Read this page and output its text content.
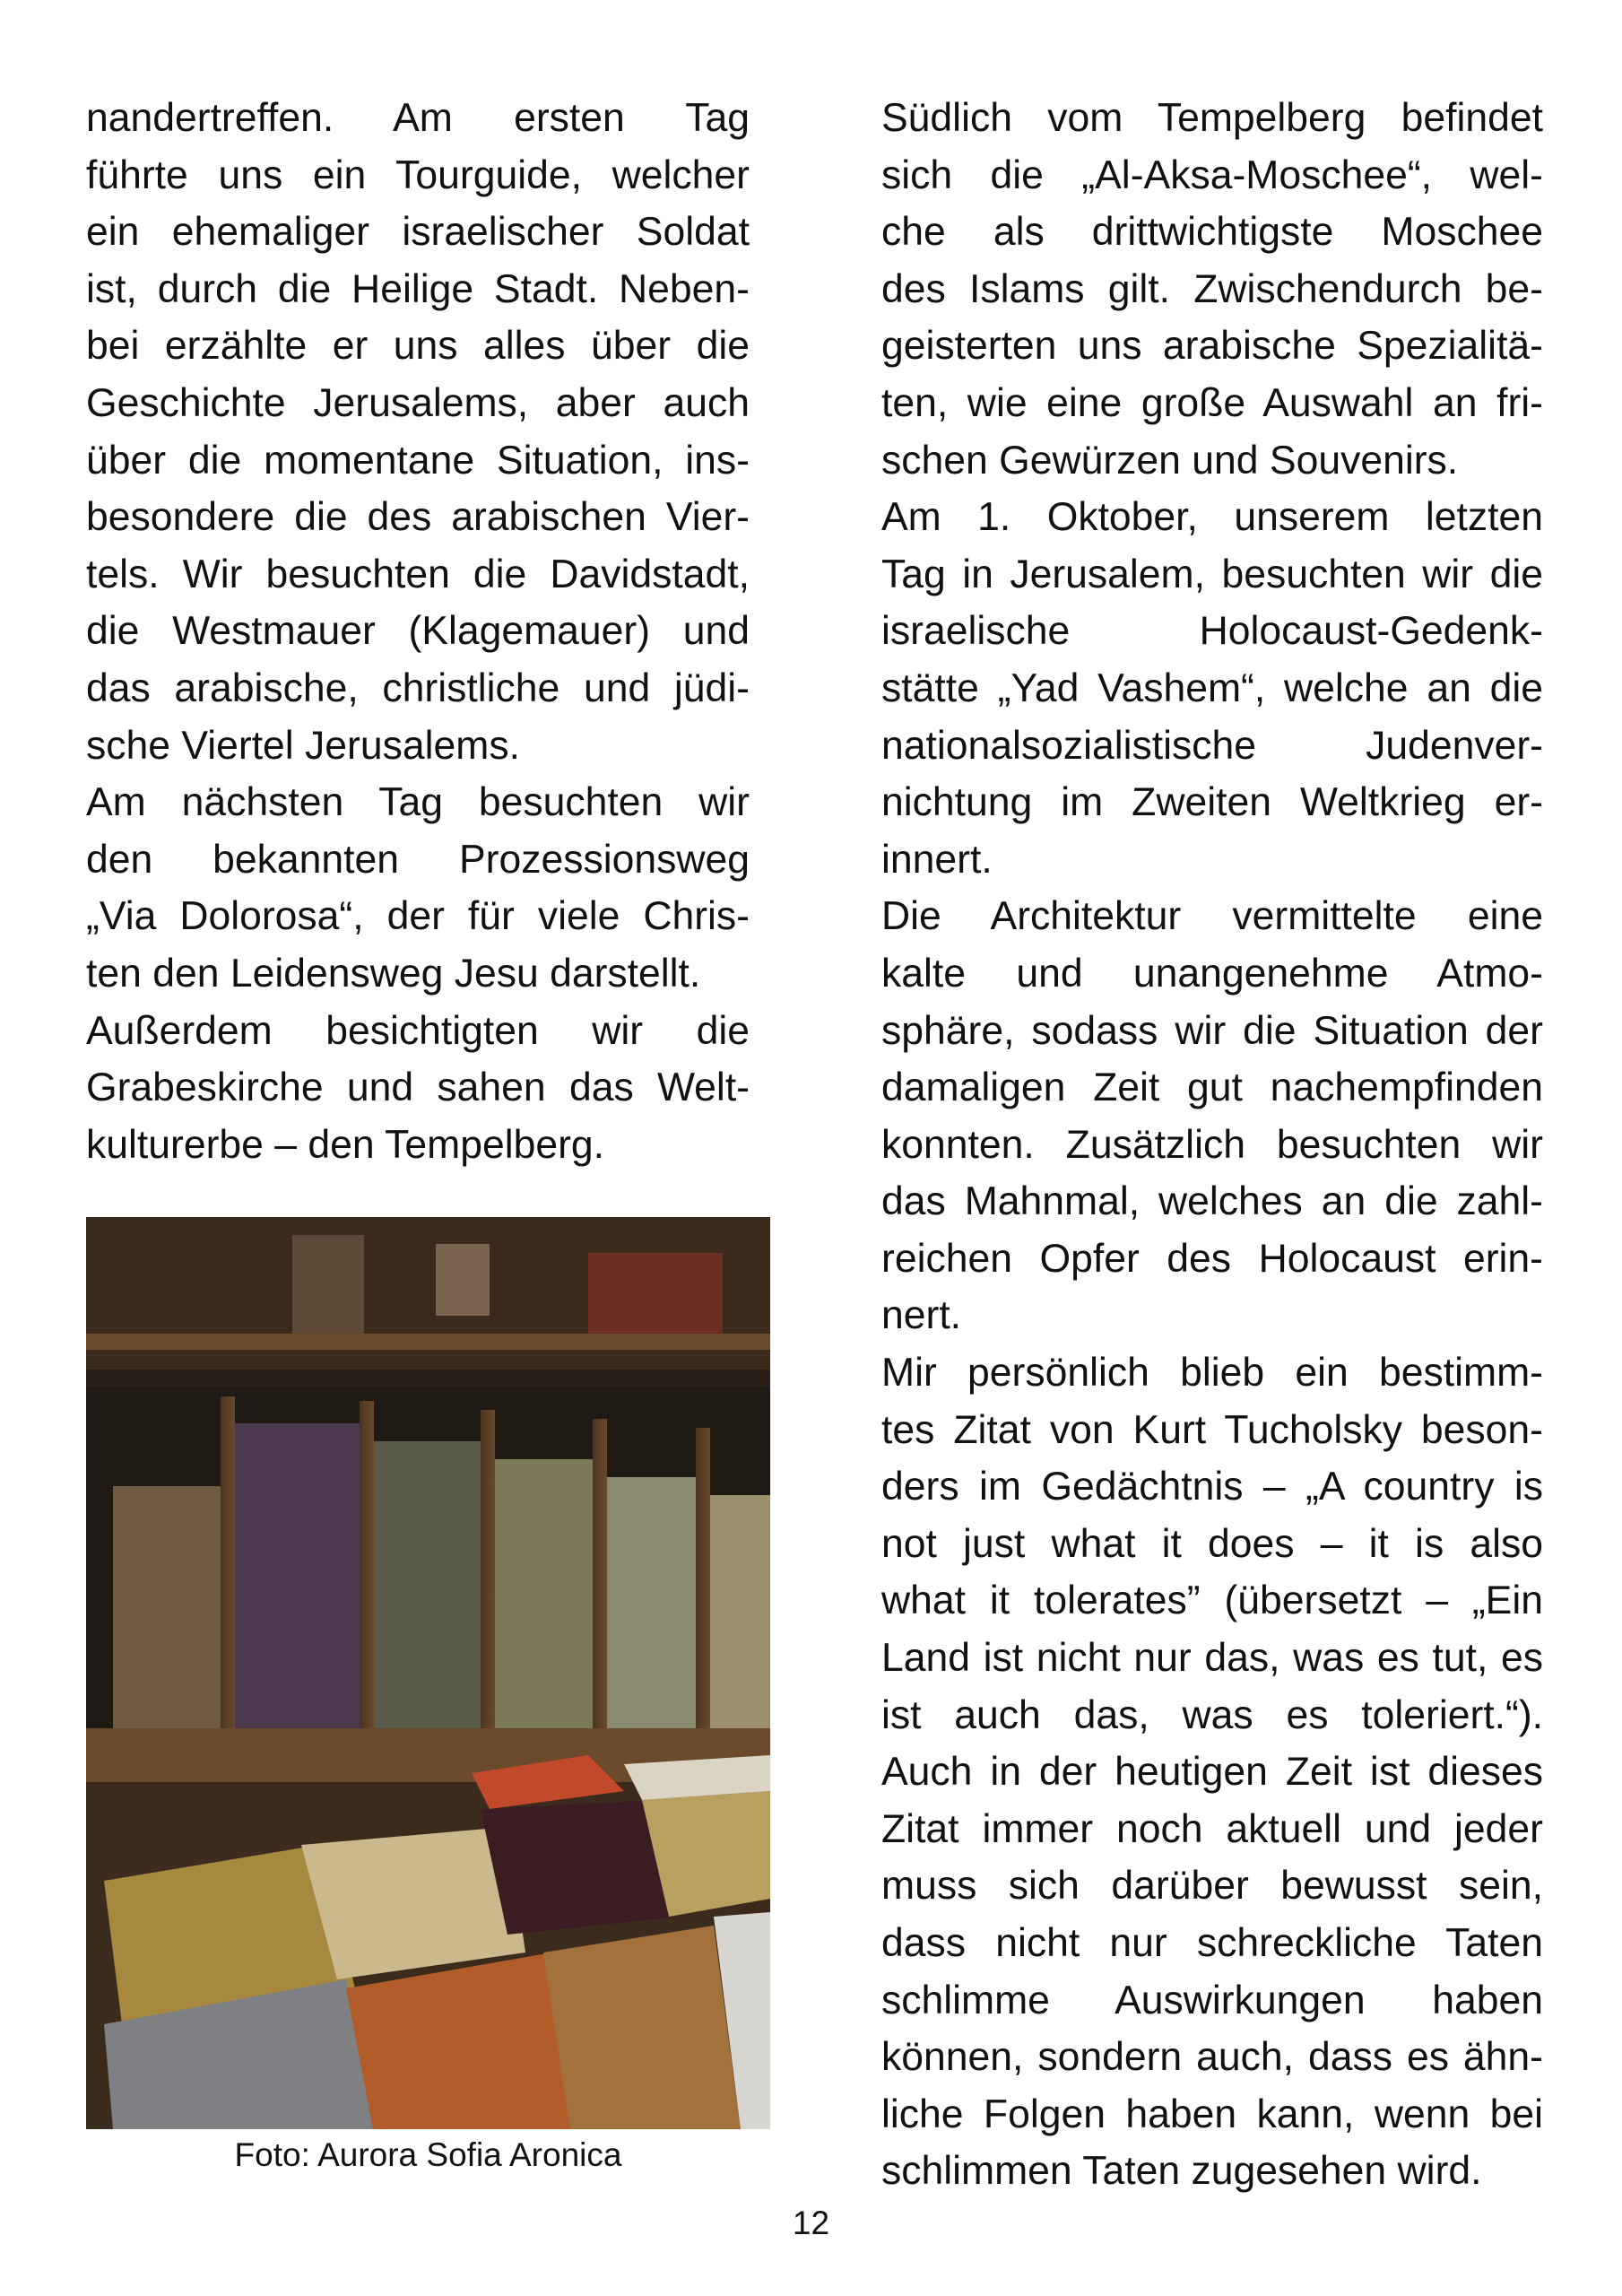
nandertreffen. Am ersten Tag
führte uns ein Tourguide, welcher
ein ehemaliger israelischer Soldat
ist, durch die Heilige Stadt. Neben-
bei erzählte er uns alles über die
Geschichte Jerusalems, aber auch
über die momentane Situation, ins-
besondere die des arabischen Vier-
tels. Wir besuchten die Davidstadt,
die Westmauer (Klagemauer) und
das arabische, christliche und jüdi-
sche Viertel Jerusalems.
Am nächsten Tag besuchten wir
den bekannten Prozessionsweg
„Via Dolorosa“, der für viele Chris-
ten den Leidensweg Jesu darstellt.
Außerdem besichtigten wir die
Grabeskirche und sahen das Welt-
kulturerbe – den Tempelberg.
Südlich vom Tempelberg befindet
sich die „Al-Aksa-Moschee“, wel-
che als drittwichtigste Moschee
des Islams gilt. Zwischendurch be-
geisterten uns arabische Spezialitä-
ten, wie eine große Auswahl an fri-
schen Gewürzen und Souvenirs.
Am 1. Oktober, unserem letzten
Tag in Jerusalem, besuchten wir die
israelische Holocaust-Gedenk-
stätte „Yad Vashem“, welche an die
nationalsozialistische Judenver-
nichtung im Zweiten Weltkrieg er-
innert.
Die Architektur vermittelte eine
kalte und unangenehme Atmo-
sphäre, sodass wir die Situation der
damaligen Zeit gut nachempfinden
konnten. Zusätzlich besuchten wir
das Mahnmal, welches an die zahl-
reichen Opfer des Holocaust erin-
nert.
Mir persönlich blieb ein bestimm-
tes Zitat von Kurt Tucholsky beson-
ders im Gedächtnis – „A country is
not just what it does – it is also
what it tolerates” (übersetzt – „Ein
Land ist nicht nur das, was es tut, es
ist auch das, was es toleriert.“).
Auch in der heutigen Zeit ist dieses
Zitat immer noch aktuell und jeder
muss sich darüber bewusst sein,
dass nicht nur schreckliche Taten
schlimme Auswirkungen haben
können, sondern auch, dass es ähn-
liche Folgen haben kann, wenn bei
schlimmen Taten zugesehen wird.
Foto: Aurora Sofia Aronica
12
